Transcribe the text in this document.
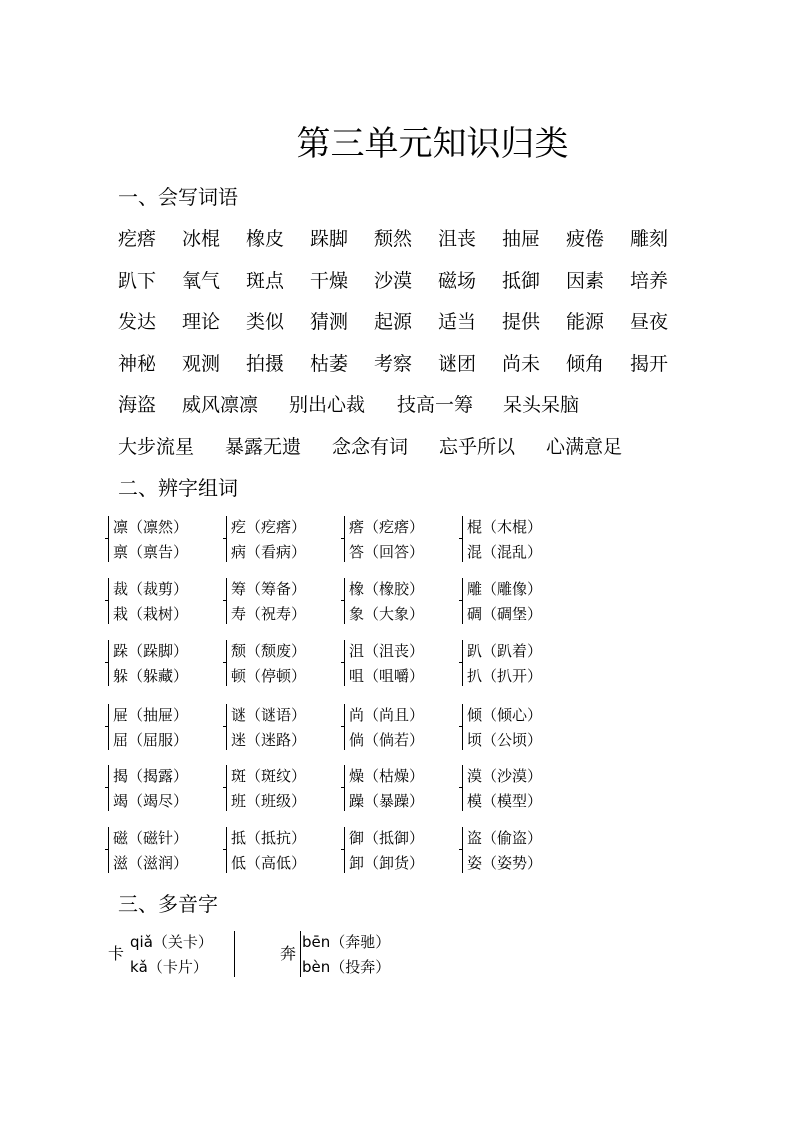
第三单元知识归类
一、会写词语
疙瘩 冰棍 橡皮 跺脚 颓然 沮丧 抽屉 疲倦 雕刻
趴下 氧气 斑点 干燥 沙漠 磁场 抵御 因素 培养
发达 理论 类似 猜测 起源 适当 提供 能源 昼夜
神秘 观测 拍摄 枯萎 考察 谜团 尚未 倾角 揭开
海盗 威风凛凛 别出心裁 技高一筹 呆头呆脑
大步流星 暴露无遗 念念有词 忘乎所以 心满意足
二、辨字组词
凛（凛然）
禀（禀告）
疙（疙瘩）
病（看病）
瘩（疙瘩）
答（回答）
棍（木棍）
混（混乱）
裁（裁剪）
栽（栽树）
筹（筹备）
寿（祝寿）
橡（橡胶）
象（大象）
雕（雕像）
碉（碉堡）
跺（跺脚）
躲（躲藏）
颓（颓废）
顿（停顿）
沮（沮丧）
咀（咀嚼）
趴（趴着）
扒（扒开）
屉（抽屉）
屈（屈服）
谜（谜语）
迷（迷路）
尚（尚且）
倘（倘若）
倾（倾心）
顷（公顷）
揭（揭露）
竭（竭尽）
斑（斑纹）
班（班级）
燥（枯燥）
躁（暴躁）
漠（沙漠）
模（模型）
磁（磁针）
滋（滋润）
抵（抵抗）
低（高低）
御（抵御）
卸（卸货）
盗（偷盗）
姿（姿势）
三、多音字
卡
qiǎ（关卡）
kǎ（卡片）
奔
bēn（奔驰）
bèn（投奔）
